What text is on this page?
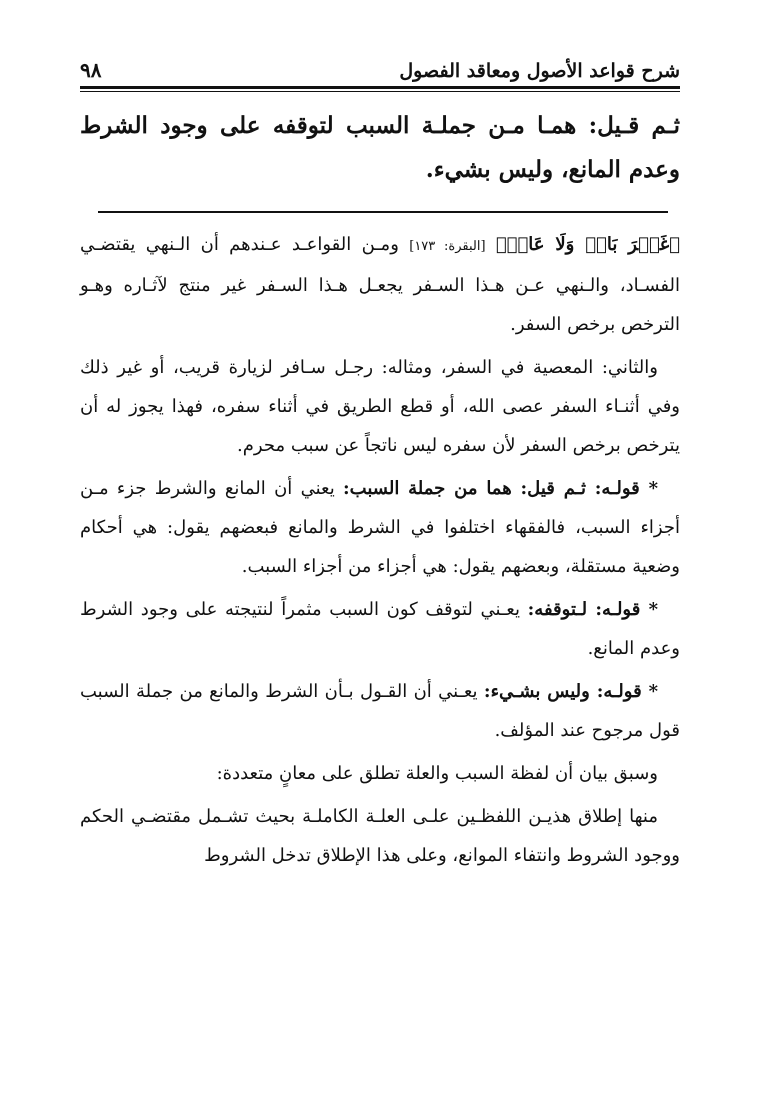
٩٨	شرح قواعد الأصول ومعاقد الفصول
ثـم قـيل: همـا مـن جملـة السبب لتوقفه على وجود الشرط وعدم المانع، وليس بشيء.

﴿غَيۡرَ بَاغٖ وَلَا عَادٖ﴾ [البقرة: ١٧٣] ومـن القواعـد عـندهم أن الـنهي يقتضـي الفسـاد، والـنهي عـن هـذا السـفر يجعـل هـذا السـفر غير منتج لآثـاره وهـو الترخص برخص السفر.

والثاني: المعصية في السفر، ومثاله: رجـل سـافر لزيارة قريب، أو غير ذلك وفي أثنـاء السفر عصى الله، أو قطع الطريق في أثناء سفره، فهذا يجوز له أن يترخص برخص السفر لأن سفره ليس ناتجاً عن سبب محرم.

* قولـه: ثـم قيل: هما من جملة السبب: يعني أن المانع والشرط جزء مـن أجزاء السبب، فالفقهاء اختلفوا في الشرط والمانع فبعضهم يقول: هي أحكام وضعية مستقلة، وبعضهم يقول: هي أجزاء من أجزاء السبب.

* قولـه: لـتوقفه: يعـني لتوقف كون السبب مثمراً لنتيجته على وجود الشرط وعدم المانع.

* قولـه: وليس بشـيء: يعـني أن القـول بـأن الشرط والمانع من جملة السبب قول مرجوح عند المؤلف.

وسبق بيان أن لفظة السبب والعلة تطلق على معانٍ متعددة:

منها إطلاق هذيـن اللفظـين علـى العلـة الكاملـة بحيث تشـمل مقتضـي الحكم ووجود الشروط وانتفاء الموانع، وعلى هذا الإطلاق تدخل الشروط
